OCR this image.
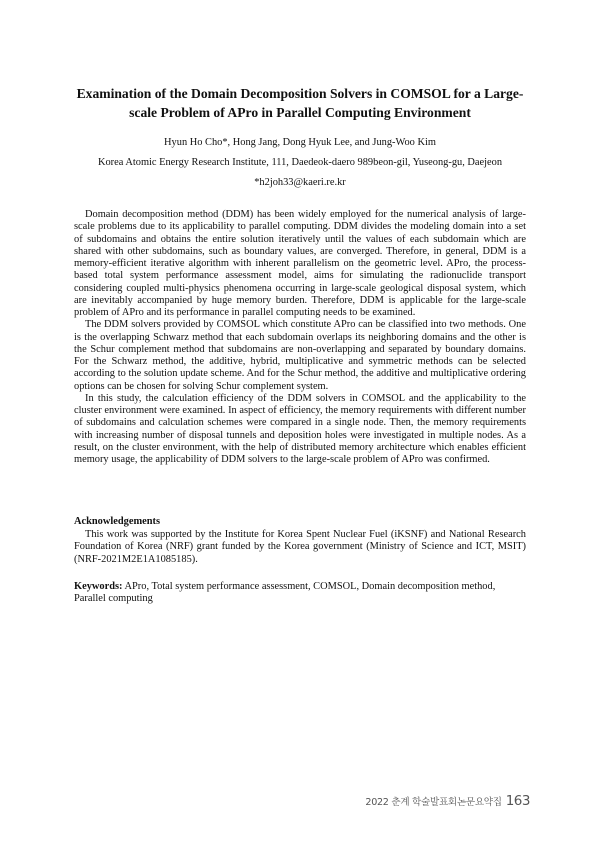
Examination of the Domain Decomposition Solvers in COMSOL for a Large-scale Problem of APro in Parallel Computing Environment
Hyun Ho Cho*, Hong Jang, Dong Hyuk Lee, and Jung-Woo Kim
Korea Atomic Energy Research Institute, 111, Daedeok-daero 989beon-gil, Yuseong-gu, Daejeon
*h2joh33@kaeri.re.kr

Domain decomposition method (DDM) has been widely employed for the numerical analysis of large-scale problems due to its applicability to parallel computing. DDM divides the modeling domain into a set of subdomains and obtains the entire solution iteratively until the values of each subdomain which are shared with other subdomains, such as boundary values, are converged. Therefore, in general, DDM is a memory-efficient iterative algorithm with inherent parallelism on the geometric level. APro, the process-based total system performance assessment model, aims for simulating the radionuclide transport considering coupled multi-physics phenomena occurring in large-scale geological disposal system, which are inevitably accompanied by huge memory burden. Therefore, DDM is applicable for the large-scale problem of APro and its performance in parallel computing needs to be examined.

The DDM solvers provided by COMSOL which constitute APro can be classified into two methods. One is the overlapping Schwarz method that each subdomain overlaps its neighboring domains and the other is the Schur complement method that subdomains are non-overlapping and separated by boundary domains. For the Schwarz method, the additive, hybrid, multiplicative and symmetric methods can be selected according to the solution update scheme. And for the Schur method, the additive and multiplicative ordering options can be chosen for solving Schur complement system.

In this study, the calculation efficiency of the DDM solvers in COMSOL and the applicability to the cluster environment were examined. In aspect of efficiency, the memory requirements with different number of subdomains and calculation schemes were compared in a single node. Then, the memory requirements with increasing number of disposal tunnels and deposition holes were investigated in multiple nodes. As a result, on the cluster environment, with the help of distributed memory architecture which enables efficient memory usage, the applicability of DDM solvers to the large-scale problem of APro was confirmed.

Acknowledgements

This work was supported by the Institute for Korea Spent Nuclear Fuel (iKSNF) and National Research Foundation of Korea (NRF) grant funded by the Korea government (Ministry of Science and ICT, MSIT) (NRF-2021M2E1A1085185).

Keywords: APro, Total system performance assessment, COMSOL, Domain decomposition method, Parallel computing

2022 춘계 학술발표회논문요약집 163
